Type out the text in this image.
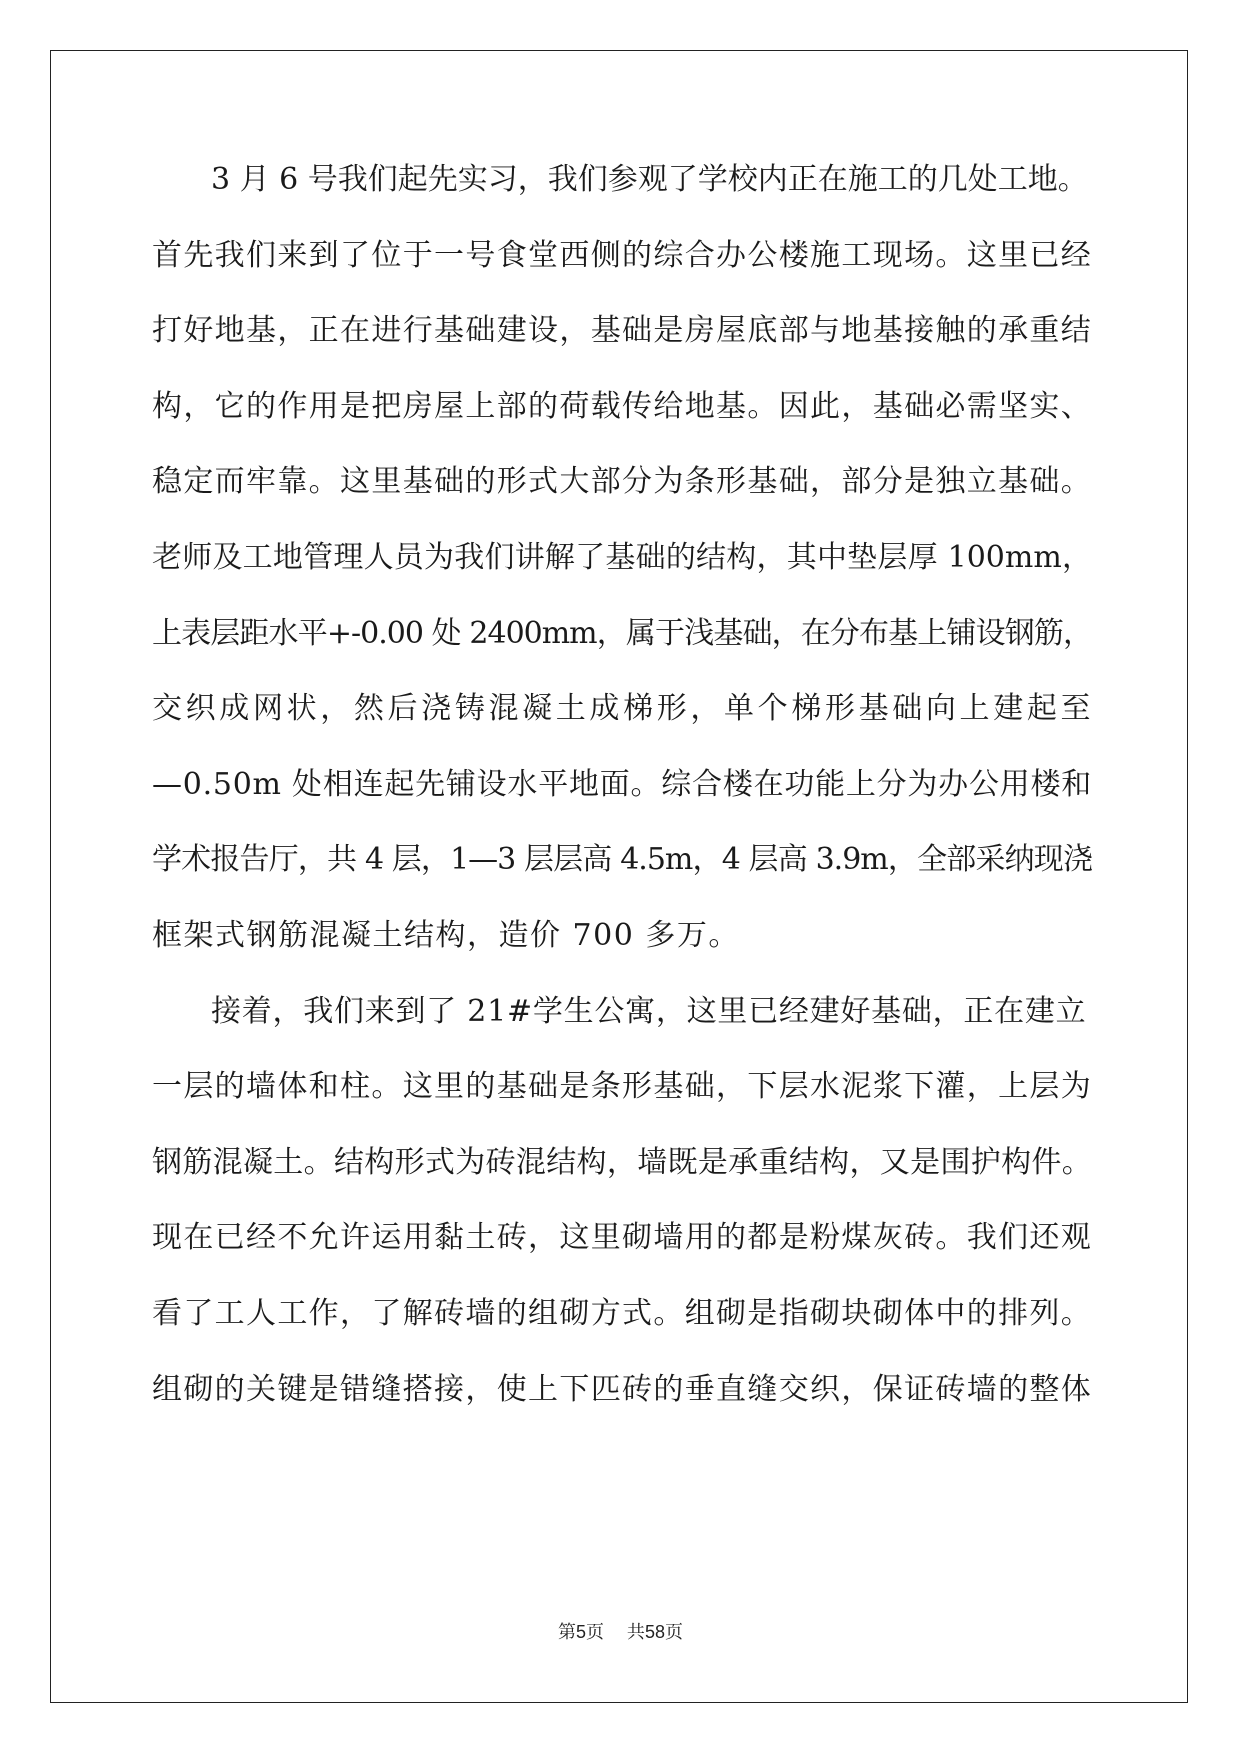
3 月 6 号我们起先实习，我们参观了学校内正在施工的几处工地。
首先我们来到了位于一号食堂西侧的综合办公楼施工现场。这里已经
打好地基，正在进行基础建设，基础是房屋底部与地基接触的承重结
构，它的作用是把房屋上部的荷载传给地基。因此，基础必需坚实、
稳定而牢靠。这里基础的形式大部分为条形基础，部分是独立基础。
老师及工地管理人员为我们讲解了基础的结构，其中垫层厚 100mm，
上表层距水平+-0.00 处 2400mm，属于浅基础，在分布基上铺设钢筋，
交织成网状，然后浇铸混凝土成梯形，单个梯形基础向上建起至
—0.50m 处相连起先铺设水平地面。综合楼在功能上分为办公用楼和
学术报告厅，共 4 层，1—3 层层高 4.5m，4 层高 3.9m，全部采纳现浇
框架式钢筋混凝土结构，造价 700 多万。
接着，我们来到了 21#学生公寓，这里已经建好基础，正在建立
一层的墙体和柱。这里的基础是条形基础，下层水泥浆下灌，上层为
钢筋混凝土。结构形式为砖混结构，墙既是承重结构，又是围护构件。
现在已经不允许运用黏土砖，这里砌墙用的都是粉煤灰砖。我们还观
看了工人工作，了解砖墙的组砌方式。组砌是指砌块砌体中的排列。
组砌的关键是错缝搭接，使上下匹砖的垂直缝交织，保证砖墙的整体
第5页    共58页
